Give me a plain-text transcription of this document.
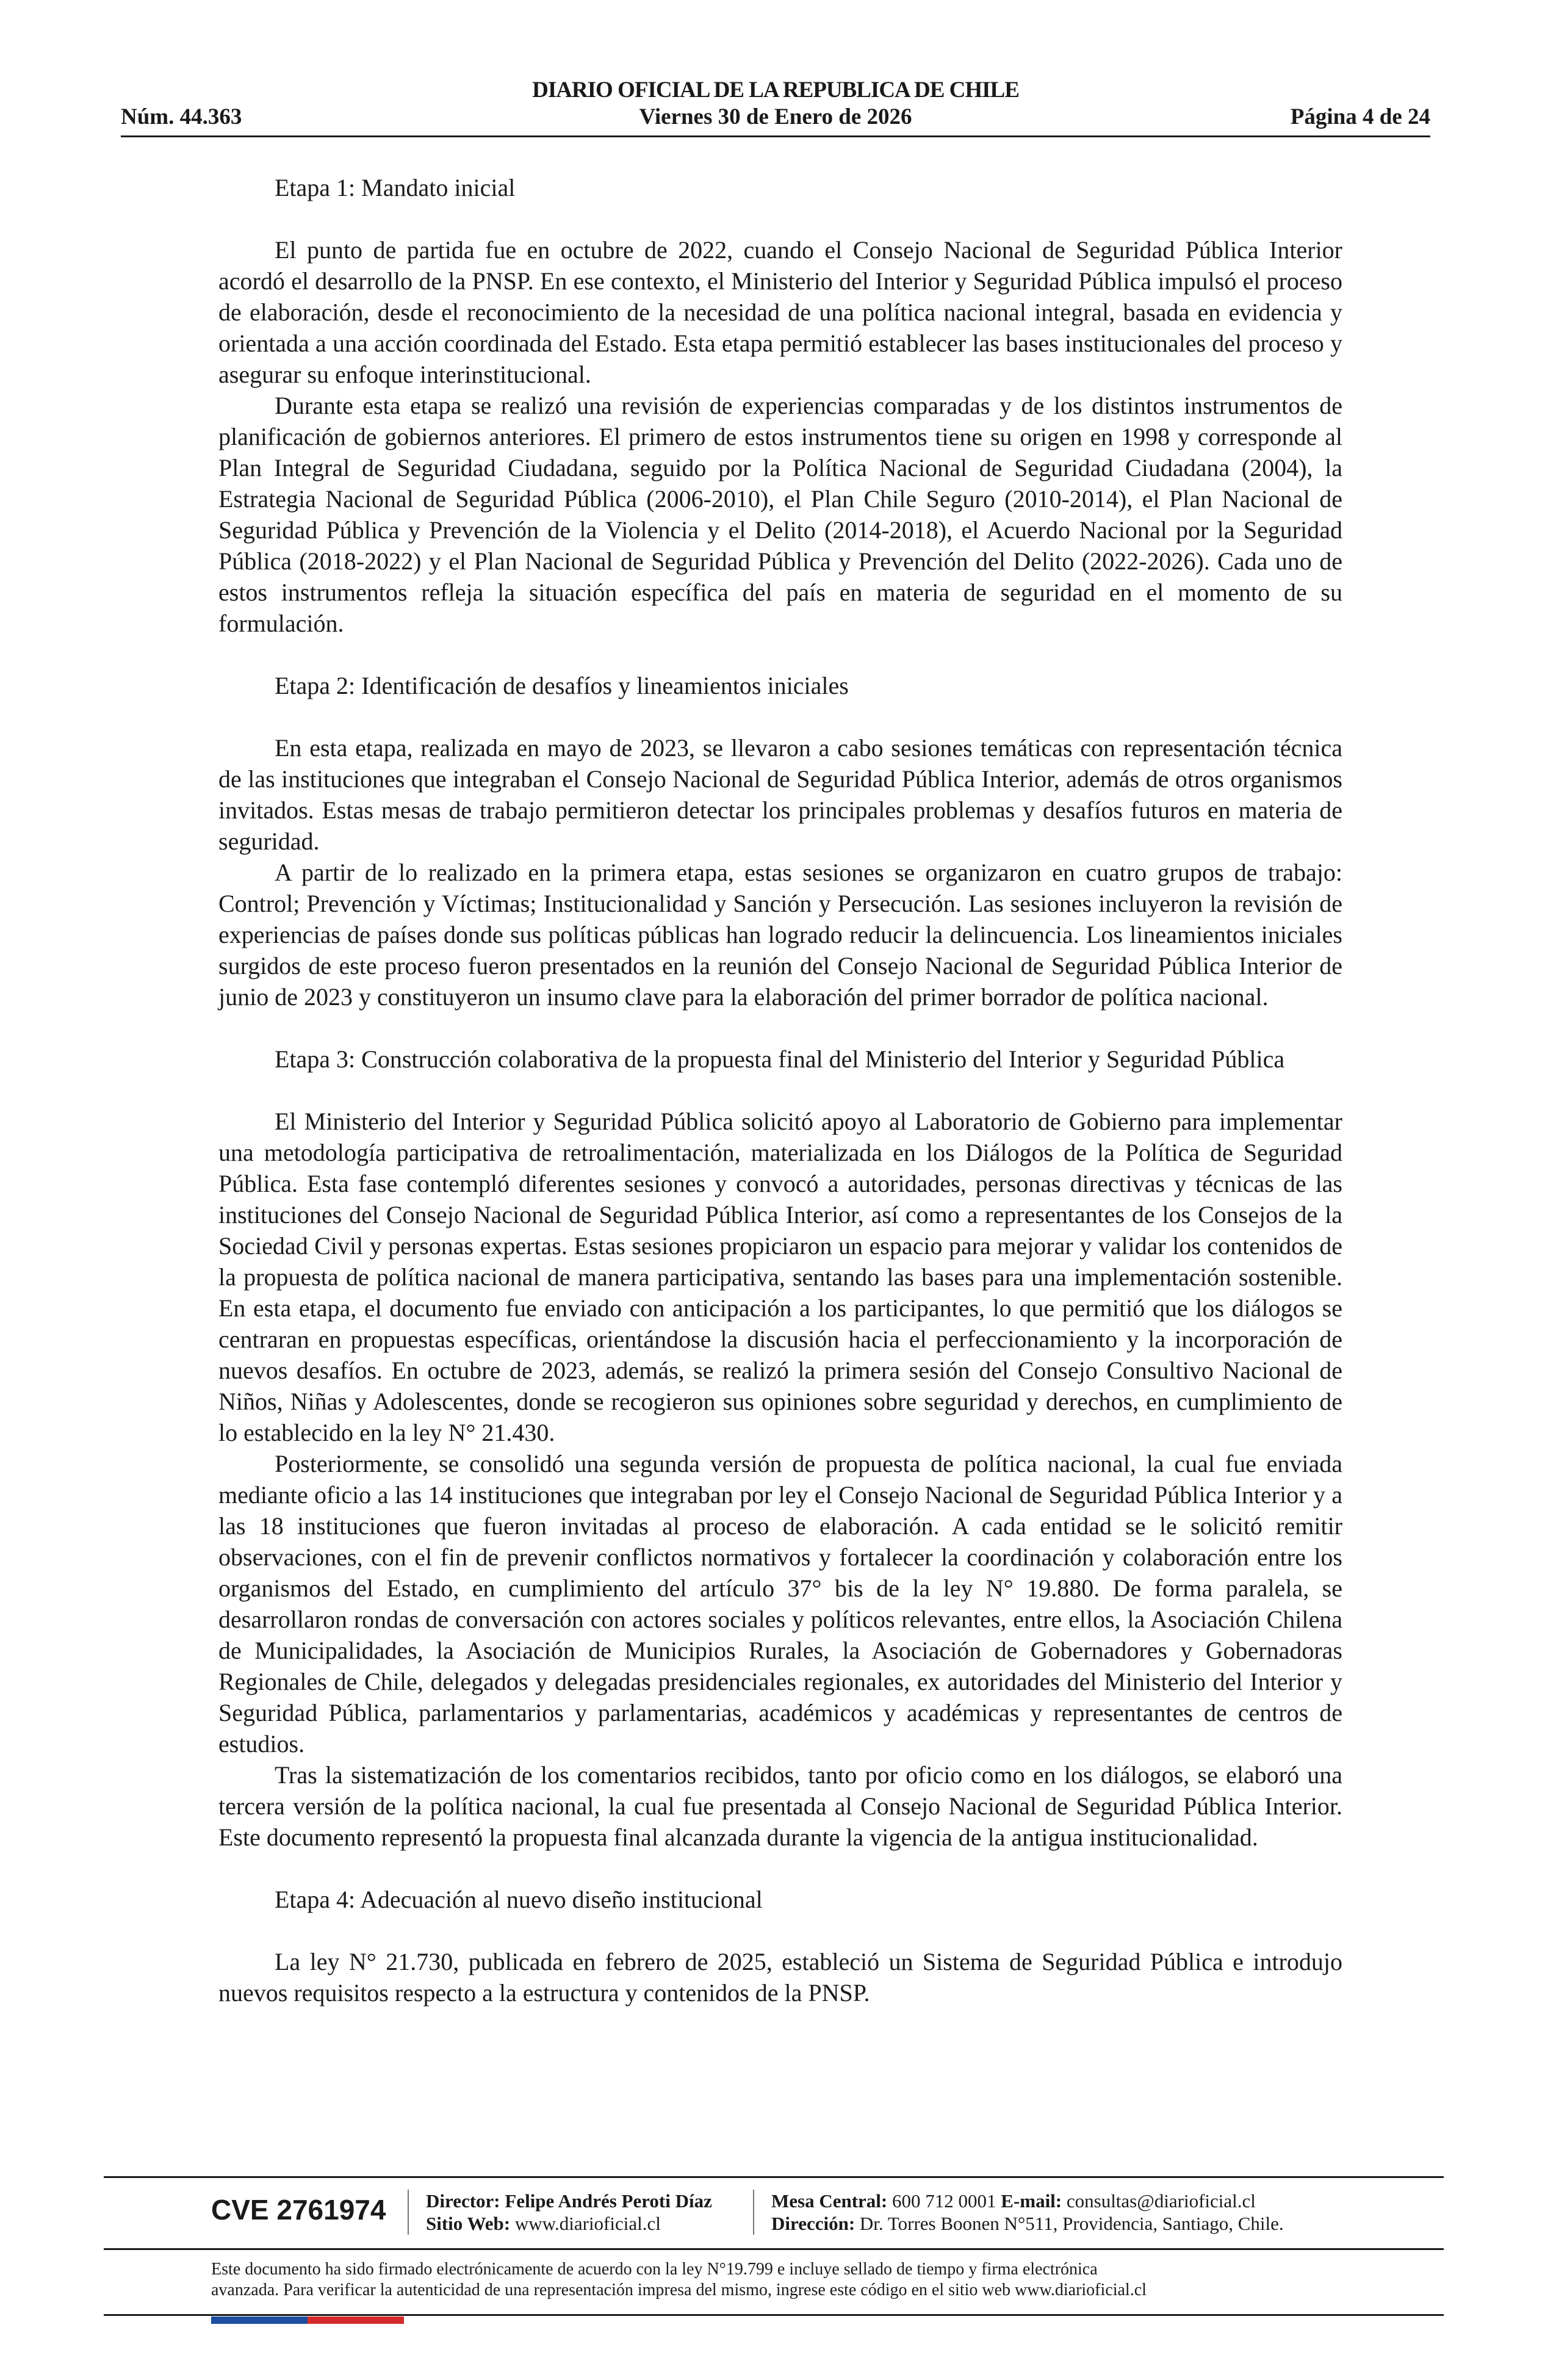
DIARIO OFICIAL DE LA REPUBLICA DE CHILE
Núm. 44.363	Viernes 30 de Enero de 2026	Página 4 de 24

Etapa 1: Mandato inicial

El punto de partida fue en octubre de 2022, cuando el Consejo Nacional de Seguridad Pública Interior acordó el desarrollo de la PNSP. En ese contexto, el Ministerio del Interior y Seguridad Pública impulsó el proceso de elaboración, desde el reconocimiento de la necesidad de una política nacional integral, basada en evidencia y orientada a una acción coordinada del Estado. Esta etapa permitió establecer las bases institucionales del proceso y asegurar su enfoque interinstitucional.

Durante esta etapa se realizó una revisión de experiencias comparadas y de los distintos instrumentos de planificación de gobiernos anteriores. El primero de estos instrumentos tiene su origen en 1998 y corresponde al Plan Integral de Seguridad Ciudadana, seguido por la Política Nacional de Seguridad Ciudadana (2004), la Estrategia Nacional de Seguridad Pública (2006-2010), el Plan Chile Seguro (2010-2014), el Plan Nacional de Seguridad Pública y Prevención de la Violencia y el Delito (2014-2018), el Acuerdo Nacional por la Seguridad Pública (2018-2022) y el Plan Nacional de Seguridad Pública y Prevención del Delito (2022-2026). Cada uno de estos instrumentos refleja la situación específica del país en materia de seguridad en el momento de su formulación.

Etapa 2: Identificación de desafíos y lineamientos iniciales

En esta etapa, realizada en mayo de 2023, se llevaron a cabo sesiones temáticas con representación técnica de las instituciones que integraban el Consejo Nacional de Seguridad Pública Interior, además de otros organismos invitados. Estas mesas de trabajo permitieron detectar los principales problemas y desafíos futuros en materia de seguridad.

A partir de lo realizado en la primera etapa, estas sesiones se organizaron en cuatro grupos de trabajo: Control; Prevención y Víctimas; Institucionalidad y Sanción y Persecución. Las sesiones incluyeron la revisión de experiencias de países donde sus políticas públicas han logrado reducir la delincuencia. Los lineamientos iniciales surgidos de este proceso fueron presentados en la reunión del Consejo Nacional de Seguridad Pública Interior de junio de 2023 y constituyeron un insumo clave para la elaboración del primer borrador de política nacional.

Etapa 3: Construcción colaborativa de la propuesta final del Ministerio del Interior y Seguridad Pública

El Ministerio del Interior y Seguridad Pública solicitó apoyo al Laboratorio de Gobierno para implementar una metodología participativa de retroalimentación, materializada en los Diálogos de la Política de Seguridad Pública. Esta fase contempló diferentes sesiones y convocó a autoridades, personas directivas y técnicas de las instituciones del Consejo Nacional de Seguridad Pública Interior, así como a representantes de los Consejos de la Sociedad Civil y personas expertas. Estas sesiones propiciaron un espacio para mejorar y validar los contenidos de la propuesta de política nacional de manera participativa, sentando las bases para una implementación sostenible. En esta etapa, el documento fue enviado con anticipación a los participantes, lo que permitió que los diálogos se centraran en propuestas específicas, orientándose la discusión hacia el perfeccionamiento y la incorporación de nuevos desafíos. En octubre de 2023, además, se realizó la primera sesión del Consejo Consultivo Nacional de Niños, Niñas y Adolescentes, donde se recogieron sus opiniones sobre seguridad y derechos, en cumplimiento de lo establecido en la ley N° 21.430.

Posteriormente, se consolidó una segunda versión de propuesta de política nacional, la cual fue enviada mediante oficio a las 14 instituciones que integraban por ley el Consejo Nacional de Seguridad Pública Interior y a las 18 instituciones que fueron invitadas al proceso de elaboración. A cada entidad se le solicitó remitir observaciones, con el fin de prevenir conflictos normativos y fortalecer la coordinación y colaboración entre los organismos del Estado, en cumplimiento del artículo 37° bis de la ley N° 19.880. De forma paralela, se desarrollaron rondas de conversación con actores sociales y políticos relevantes, entre ellos, la Asociación Chilena de Municipalidades, la Asociación de Municipios Rurales, la Asociación de Gobernadores y Gobernadoras Regionales de Chile, delegados y delegadas presidenciales regionales, ex autoridades del Ministerio del Interior y Seguridad Pública, parlamentarios y parlamentarias, académicos y académicas y representantes de centros de estudios.

Tras la sistematización de los comentarios recibidos, tanto por oficio como en los diálogos, se elaboró una tercera versión de la política nacional, la cual fue presentada al Consejo Nacional de Seguridad Pública Interior. Este documento representó la propuesta final alcanzada durante la vigencia de la antigua institucionalidad.

Etapa 4: Adecuación al nuevo diseño institucional

La ley N° 21.730, publicada en febrero de 2025, estableció un Sistema de Seguridad Pública e introdujo nuevos requisitos respecto a la estructura y contenidos de la PNSP.

CVE 2761974 Director: Felipe Andrés Peroti Díaz
Sitio Web: www.diarioficial.cl
Mesa Central: 600 712 0001 E-mail: consultas@diarioficial.cl
Dirección: Dr. Torres Boonen N°511, Providencia, Santiago, Chile.
Este documento ha sido firmado electrónicamente de acuerdo con la ley N°19.799 e incluye sellado de tiempo y firma electrónica
avanzada. Para verificar la autenticidad de una representación impresa del mismo, ingrese este código en el sitio web www.diarioficial.cl
